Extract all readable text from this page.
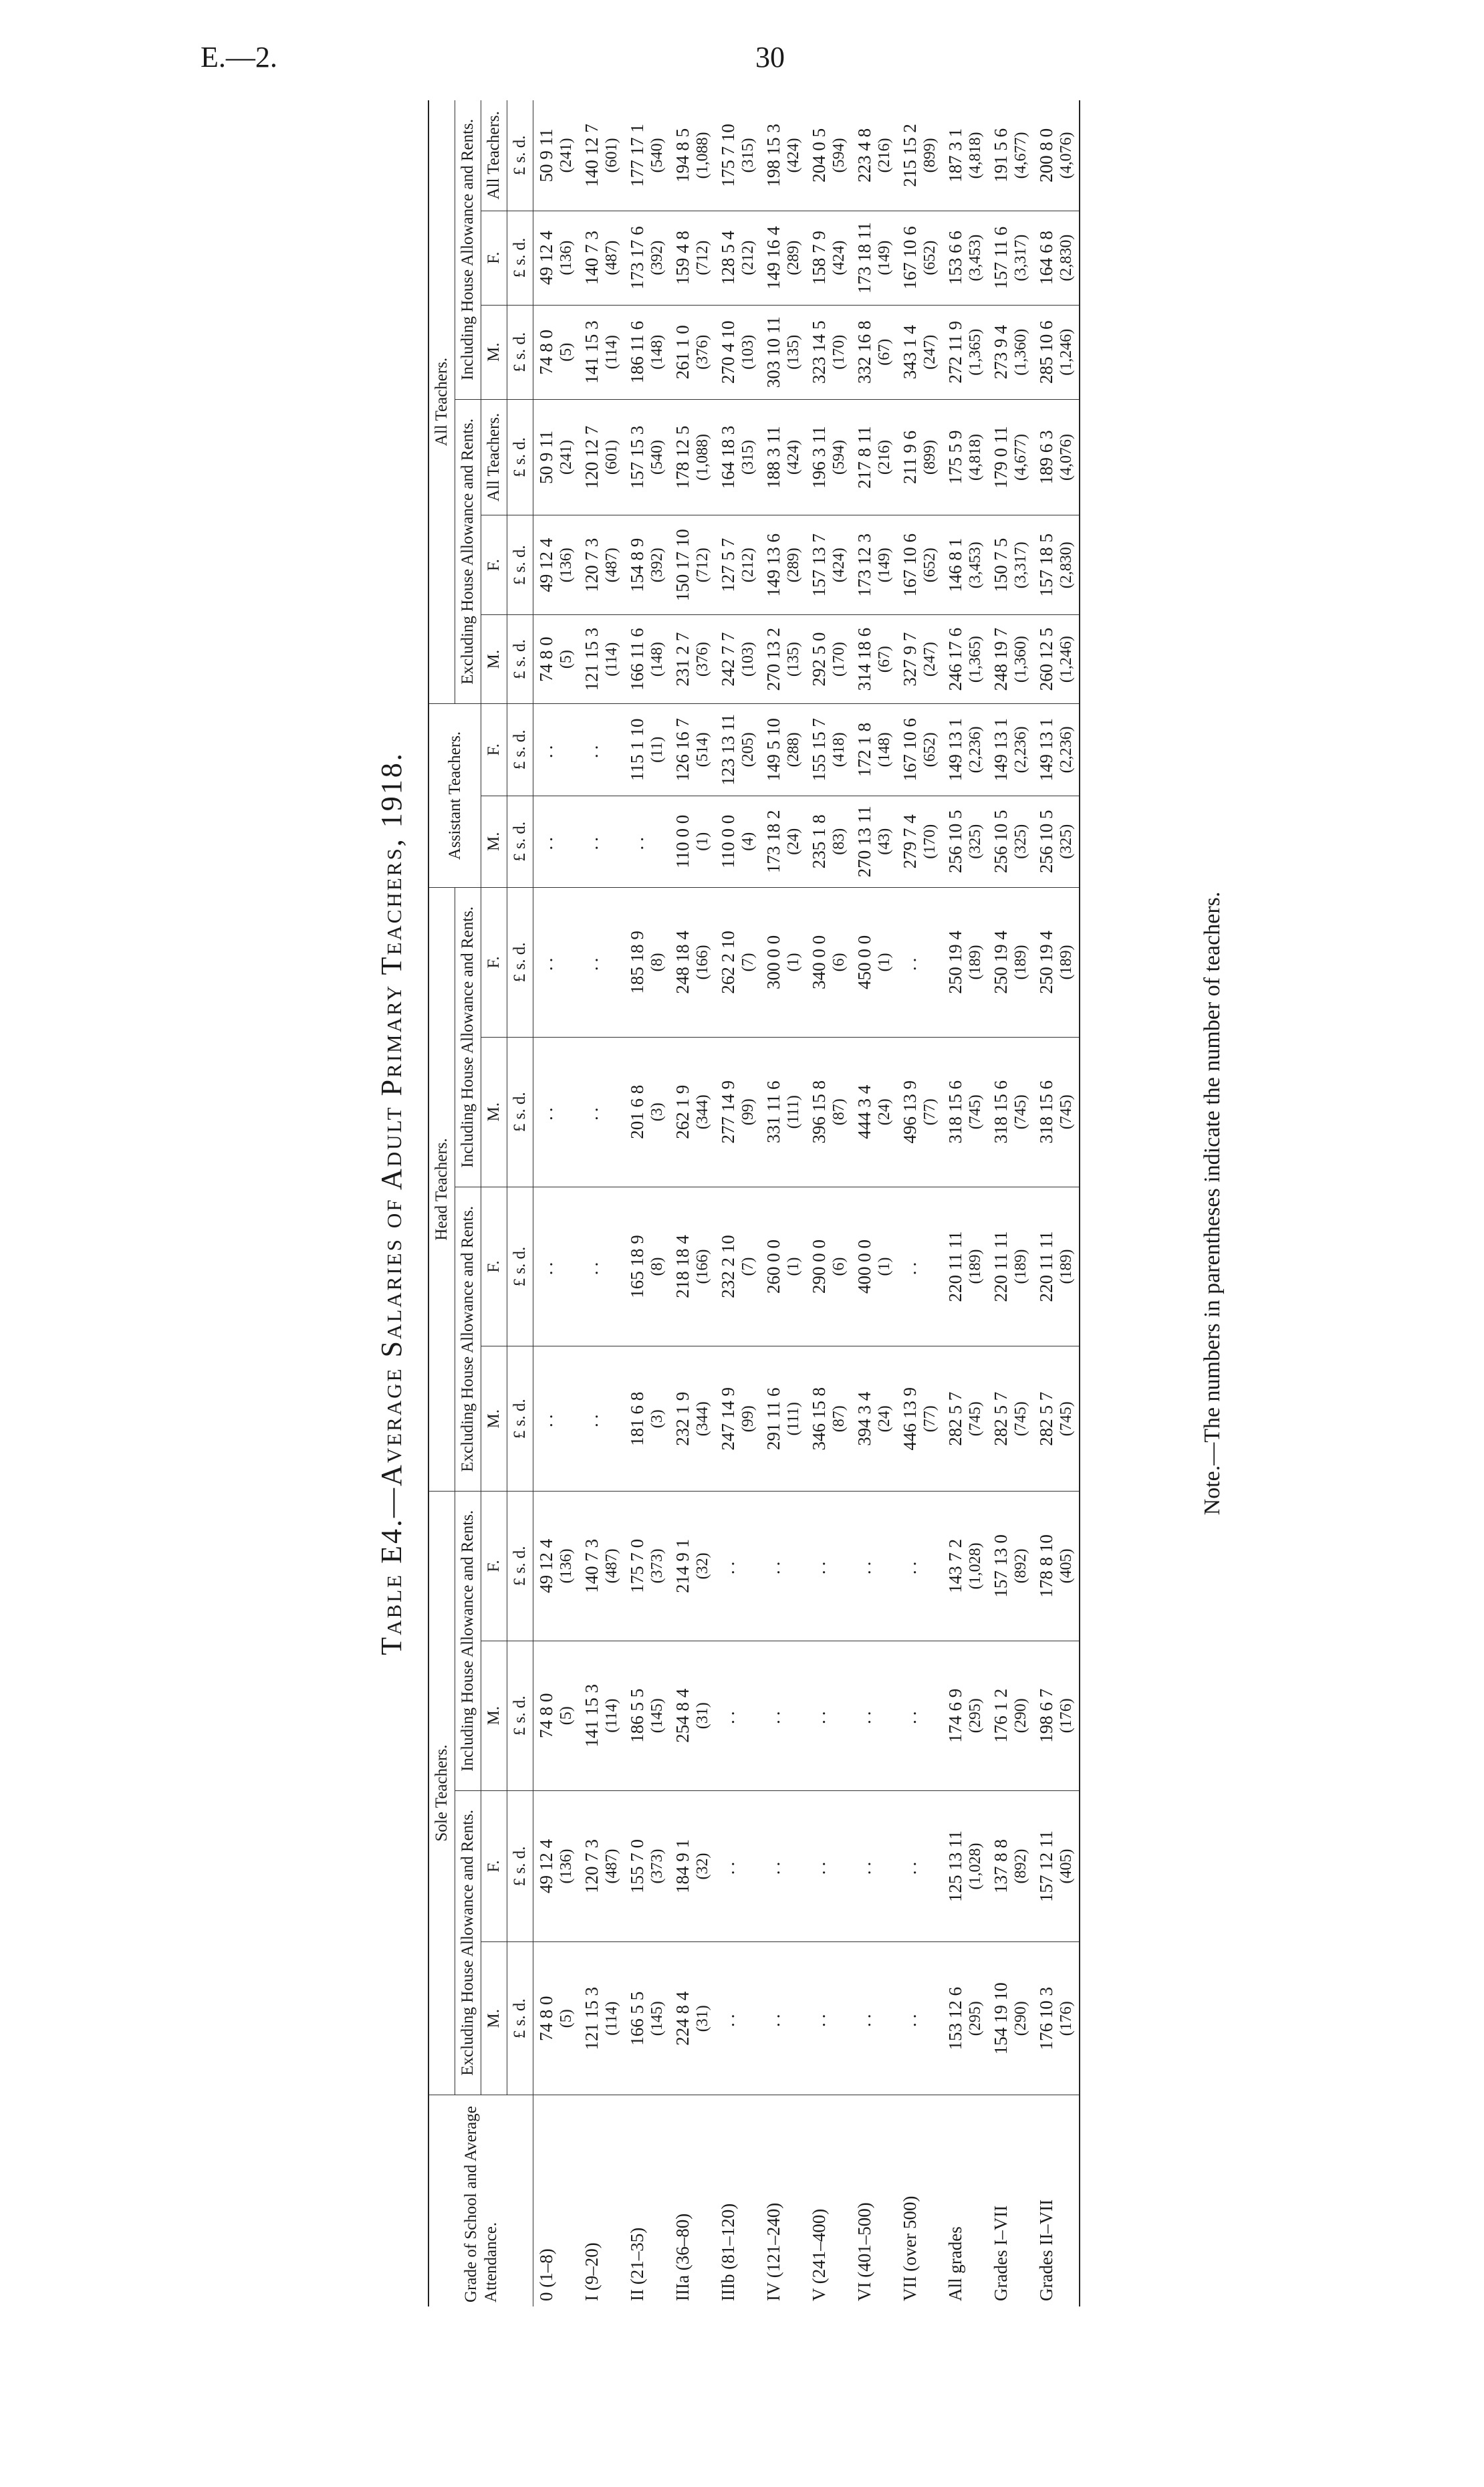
E.—2.	30
Table E4.—Average Salaries of Adult Primary Teachers, 1918.
Grade of School and Average Attendance.	Sole Teachers.				Head Teachers.				Assistant Teachers.		All Teachers.					
	Excluding House Allowance and Rents.		Including House Allowance and Rents.		Excluding House Allowance and Rents.		Including House Allowance and Rents.				Excluding House Allowance and Rents.			Including House Allowance and Rents.		
	M.	F.	M.	F.	M.	F.	M.	F.	M.	F.	M.	F.	All Teachers.	M.	F.	All Teachers.
	£ s. d.	£ s. d.	£ s. d.	£ s. d.	£ s. d.	£ s. d.	£ s. d.	£ s. d.	£ s. d.	£ s. d.	£ s. d.	£ s. d.	£ s. d.	£ s. d.	£ s. d.	£ s. d.
0 (1–8)	74 8 0 (5)	49 12 4 (136)	74 8 0 (5)	49 12 4 (136)	..	..	..	..	..	..	74 8 0 (5)	49 12 4 (136)	50 9 11 (241)	74 8 0 (5)	49 12 4 (136)	50 9 11 (241)

I (9–20)	121 15 3 (114)	120 7 3 (487)	141 15 3 (114)	140 7 3 (487)	..	..	..	..	..	..	121 15 3 (114)	120 7 3 (487)	120 12 7 (601)	141 15 3 (114)	140 7 3 (487)	140 12 7 (601)

II (21–35)	166 5 5 (145)	155 7 0 (373)	186 5 5 (145)	175 7 0 (373)	181 6 8 (3)	165 18 9 (8)	201 6 8 (3)	185 18 9 (8)	..	115 1 10 (11)	166 11 6 (148)	154 8 9 (392)	157 15 3 (540)	186 11 6 (148)	173 17 6 (392)	177 17 1 (540)

IIIa (36–80)	224 8 4 (31)	184 9 1 (32)	254 8 4 (31)	214 9 1 (32)	232 1 9 (344)	218 18 4 (166)	262 1 9 (344)	248 18 4 (166)	110 0 0 (1)	126 16 7 (514)	231 2 7 (376)	150 17 10 (712)	178 12 5 (1,088)	261 1 0 (376)	159 4 8 (712)	194 8 5 (1,088)

IIIb (81–120)	..	..	..	..	247 14 9 (99)	232 2 10 (7)	277 14 9 (99)	262 2 10 (7)	110 0 0 (4)	123 13 11 (205)	242 7 7 (103)	127 5 7 (212)	164 18 3 (315)	270 4 10 (103)	128 5 4 (212)	175 7 10 (315)

IV (121–240)	..	..	..	..	291 11 6 (111)	260 0 0 (1)	331 11 6 (111)	300 0 0 (1)	173 18 2 (24)	149 5 10 (288)	270 13 2 (135)	149 13 6 (289)	188 3 11 (424)	303 10 11 (135)	149 16 4 (289)	198 15 3 (424)

V (241–400)	..	..	..	..	346 15 8 (87)	290 0 0 (6)	396 15 8 (87)	340 0 0 (6)	235 1 8 (83)	155 15 7 (418)	292 5 0 (170)	157 13 7 (424)	196 3 11 (594)	323 14 5 (170)	158 7 9 (424)	204 0 5 (594)

VI (401–500)	..	..	..	..	394 3 4 (24)	400 0 0 (1)	444 3 4 (24)	450 0 0 (1)	270 13 11 (43)	172 1 8 (148)	314 18 6 (67)	173 12 3 (149)	217 8 11 (216)	332 16 8 (67)	173 18 11 (149)	223 4 8 (216)

VII (over 500)	..	..	..	..	446 13 9 (77)	..	496 13 9 (77)	..	279 7 4 (170)	167 10 6 (652)	327 9 7 (247)	167 10 6 (652)	211 9 6 (899)	343 1 4 (247)	167 10 6 (652)	215 15 2 (899)

All grades	153 12 6 (295)	125 13 11 (1,028)	174 6 9 (295)	143 7 2 (1,028)	282 5 7 (745)	220 11 11 (189)	318 15 6 (745)	250 19 4 (189)	256 10 5 (325)	149 13 1 (2,236)	246 17 6 (1,365)	146 8 1 (3,453)	175 5 9 (4,818)	272 11 9 (1,365)	153 6 6 (3,453)	187 3 1 (4,818)

Grades I–VII	154 19 10 (290)	137 8 8 (892)	176 1 2 (290)	157 13 0 (892)	282 5 7 (745)	220 11 11 (189)	318 15 6 (745)	250 19 4 (189)	256 10 5 (325)	149 13 1 (2,236)	248 19 7 (1,360)	150 7 5 (3,317)	179 0 11 (4,677)	273 9 4 (1,360)	157 11 6 (3,317)	191 5 6 (4,677)

Grades II–VII	176 10 3 (176)	157 12 11 (405)	198 6 7 (176)	178 8 10 (405)	282 5 7 (745)	220 11 11 (189)	318 15 6 (745)	250 19 4 (189)	256 10 5 (325)	149 13 1 (2,236)	260 12 5 (1,246)	157 18 5 (2,830)	189 6 3 (4,076)	285 10 6 (1,246)	164 6 8 (2,830)	200 8 0 (4,076)
Note.—The numbers in parentheses indicate the number of teachers.
